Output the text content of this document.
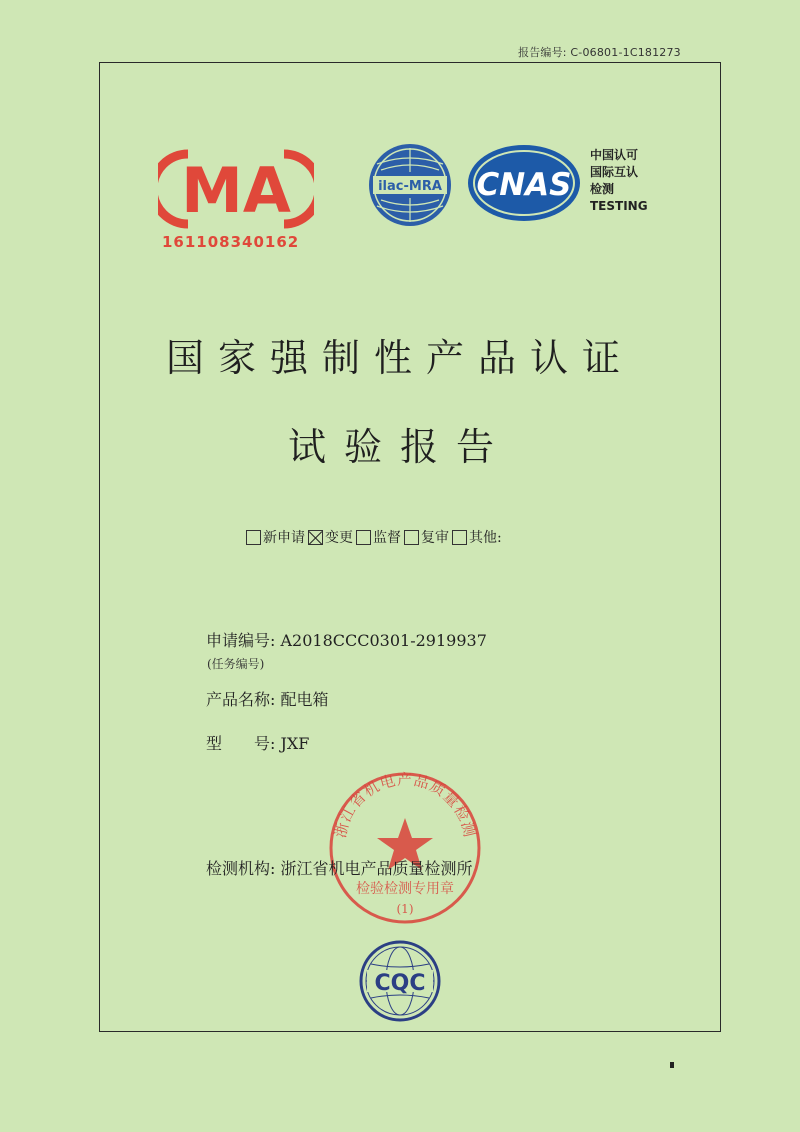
报告编号: C-06801-1C181273
MA
161108340162
ilac-MRA CNAS
中国认可
国际互认
检测
TESTING
国家强制性产品认证
试验报告
新申请 变更 监督 复审 其他:
申请编号: A2018CCC0301-2919937
(任务编号)
产品名称: 配电箱
型　　号: JXF
浙江省机电产品质量检测
检验检测专用章
(1)
检测机构: 浙江省机电产品质量检测所
CQC
